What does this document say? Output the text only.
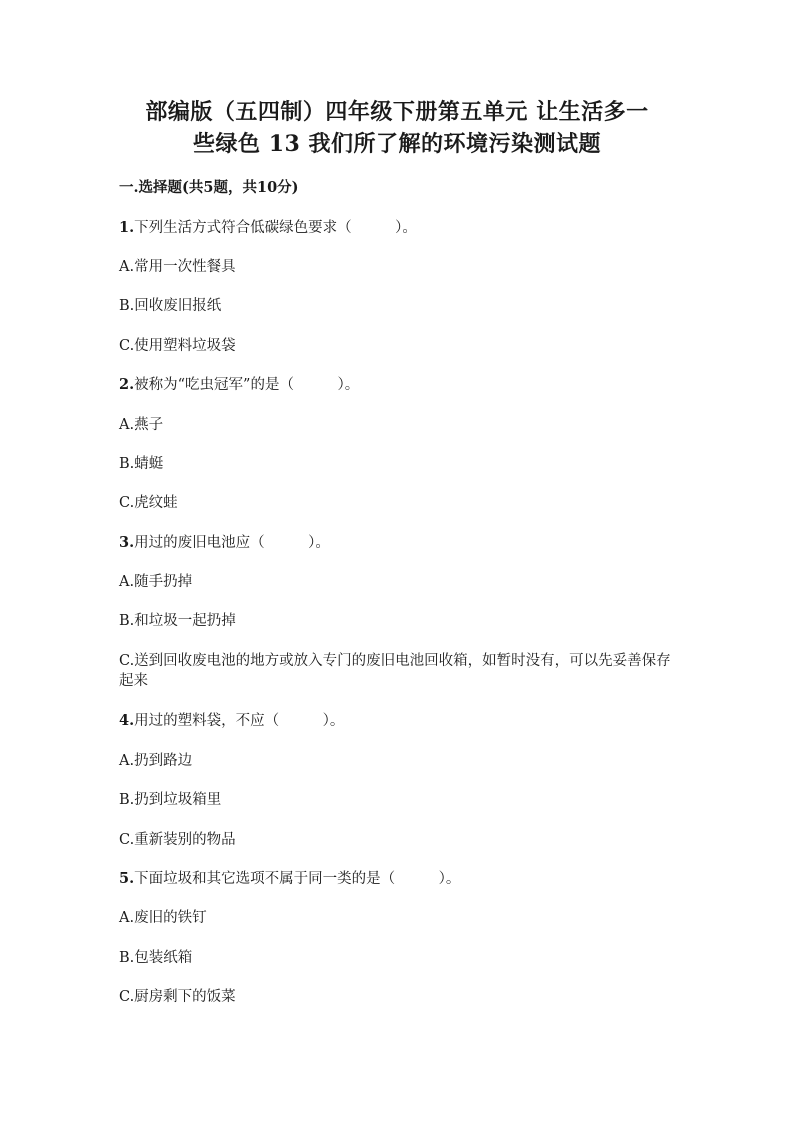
部编版（五四制）四年级下册第五单元 让生活多一
些绿色 13 我们所了解的环境污染测试题
一.选择题(共5题，共10分)
1.下列生活方式符合低碳绿色要求（　　　）。
A.常用一次性餐具
B.回收废旧报纸
C.使用塑料垃圾袋
2.被称为“吃虫冠军”的是（　　　）。
A.燕子
B.蜻蜓
C.虎纹蛙
3.用过的废旧电池应（　　　）。
A.随手扔掉
B.和垃圾一起扔掉
C.送到回收废电池的地方或放入专门的废旧电池回收箱，如暂时没有，可以先妥善保存起来
4.用过的塑料袋，不应（　　　）。
A.扔到路边
B.扔到垃圾箱里
C.重新装别的物品
5.下面垃圾和其它选项不属于同一类的是（　　　）。
A.废旧的铁钉
B.包装纸箱
C.厨房剩下的饭菜
